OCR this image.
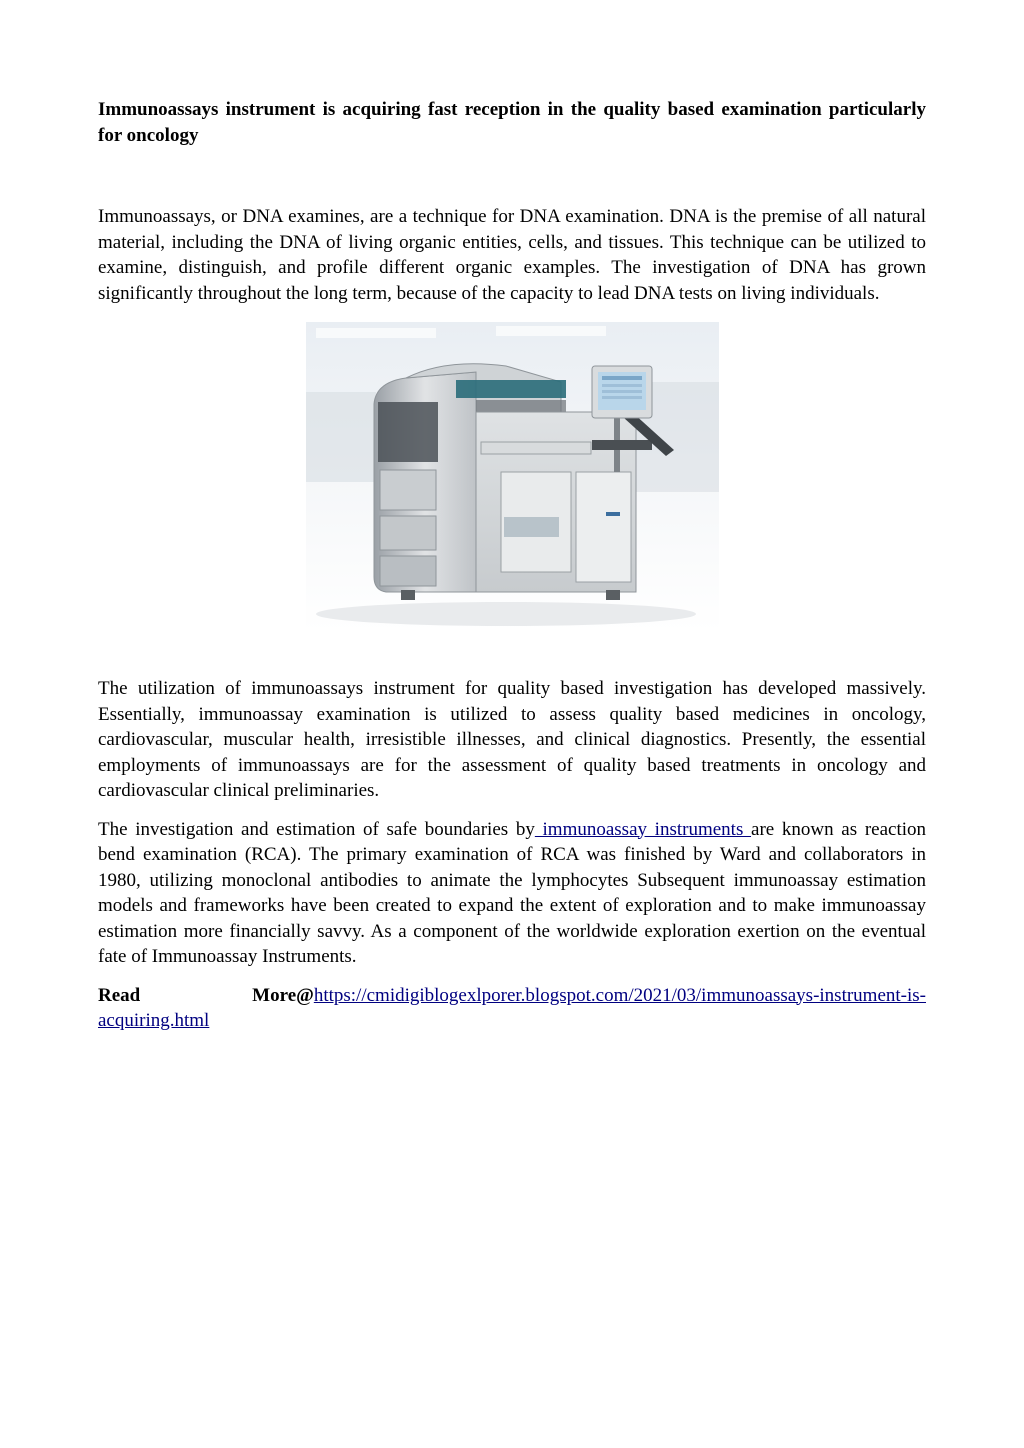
Immunoassays instrument is acquiring fast reception in the quality based examination particularly for oncology

Immunoassays, or DNA examines, are a technique for DNA examination. DNA is the premise of all natural material, including the DNA of living organic entities, cells, and tissues. This technique can be utilized to examine, distinguish, and profile different organic examples. The investigation of DNA has grown significantly throughout the long term, because of the capacity to lead DNA tests on living individuals.

The utilization of immunoassays instrument for quality based investigation has developed massively. Essentially, immunoassay examination is utilized to assess quality based medicines in oncology, cardiovascular, muscular health, irresistible illnesses, and clinical diagnostics. Presently, the essential employments of immunoassays are for the assessment of quality based treatments in oncology and cardiovascular clinical preliminaries.

The investigation and estimation of safe boundaries by immunoassay instruments are known as reaction bend examination (RCA). The primary examination of RCA was finished by Ward and collaborators in 1980, utilizing monoclonal antibodies to animate the lymphocytes Subsequent immunoassay estimation models and frameworks have been created to expand the extent of exploration and to make immunoassay estimation more financially savvy. As a component of the worldwide exploration exertion on the eventual fate of Immunoassay Instruments.

Read	More@https://cmidigiblogexlporer.blogspot.com/2021/03/immunoassays-instrument-is-
acquiring.html
